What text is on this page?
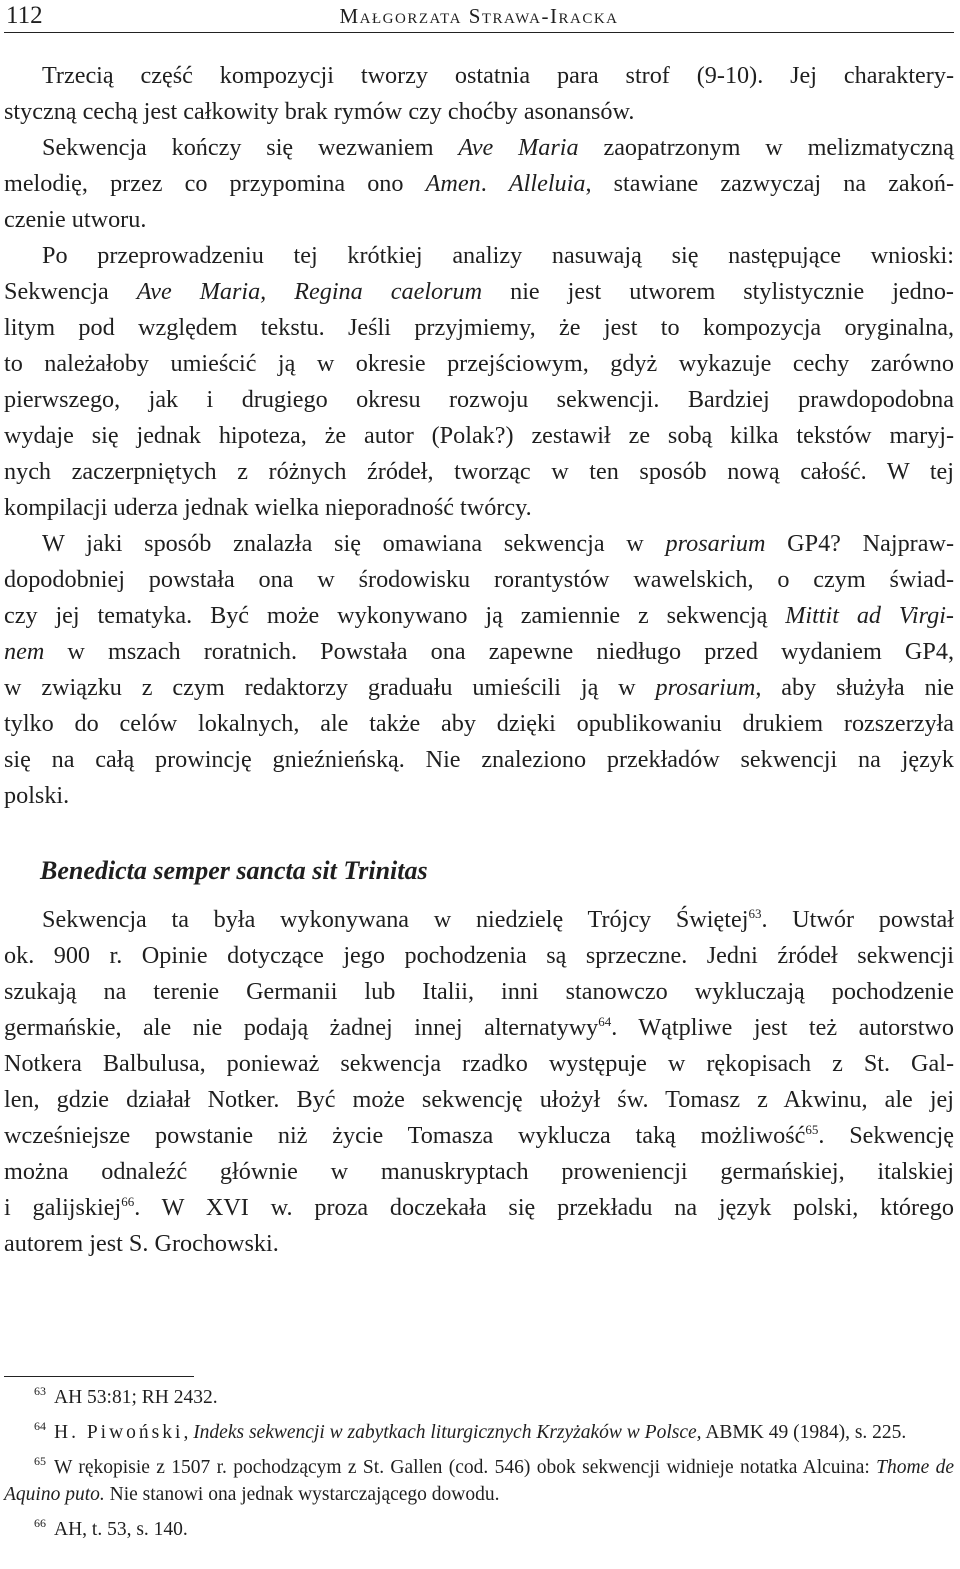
112	Małgorzata Strawa-Iracka

Trzecią część kompozycji tworzy ostatnia para strof (9-10). Jej charaktery-

styczną cechą jest całkowity brak rymów czy choćby asonansów.

Sekwencja kończy się wezwaniem Ave Maria zaopatrzonym w melizmatyczną

melodię, przez co przypomina ono Amen. Alleluia, stawiane zazwyczaj na zakoń-

czenie utworu.

Po przeprowadzeniu tej krótkiej analizy nasuwają się następujące wnioski:

Sekwencja Ave Maria, Regina caelorum nie jest utworem stylistycznie jedno-

litym pod względem tekstu. Jeśli przyjmiemy, że jest to kompozycja oryginalna,

to należałoby umieścić ją w okresie przejściowym, gdyż wykazuje cechy zarówno

pierwszego, jak i drugiego okresu rozwoju sekwencji. Bardziej prawdopodobna

wydaje się jednak hipoteza, że autor (Polak?) zestawił ze sobą kilka tekstów maryj-

nych zaczerpniętych z różnych źródeł, tworząc w ten sposób nową całość. W tej

kompilacji uderza jednak wielka nieporadność twórcy.

W jaki sposób znalazła się omawiana sekwencja w prosarium GP4? Najpraw-

dopodobniej powstała ona w środowisku rorantystów wawelskich, o czym świad-

czy jej tematyka. Być może wykonywano ją zamiennie z sekwencją Mittit ad Virgi-

nem w mszach roratnich. Powstała ona zapewne niedługo przed wydaniem GP4,

w związku z czym redaktorzy graduału umieścili ją w prosarium, aby służyła nie

tylko do celów lokalnych, ale także aby dzięki opublikowaniu drukiem rozszerzyła

się na całą prowincję gnieźnieńską. Nie znaleziono przekładów sekwencji na język

polski.

Benedicta semper sancta sit Trinitas

Sekwencja ta była wykonywana w niedzielę Trójcy Świętej$^{63}$. Utwór powstał

ok. 900 r. Opinie dotyczące jego pochodzenia są sprzeczne. Jedni źródeł sekwencji

szukają na terenie Germanii lub Italii, inni stanowczo wykluczają pochodzenie

germańskie, ale nie podają żadnej innej alternatywy$^{64}$. Wątpliwe jest też autorstwo

Notkera Balbulusa, ponieważ sekwencja rzadko występuje w rękopisach z St. Gal-

len, gdzie działał Notker. Być może sekwencję ułożył św. Tomasz z Akwinu, ale jej

wcześniejsze powstanie niż życie Tomasza wyklucza taką możliwość$^{65}$. Sekwencję

można odnaleźć głównie w manuskryptach proweniencji germańskiej, italskiej

i galijskiej$^{66}$. W XVI w. proza doczekała się przekładu na język polski, którego

autorem jest S. Grochowski.

$^{63}$ AH 53:81; RH 2432.

$^{64}$ H. Piwoński, Indeks sekwencji w zabytkach liturgicznych Krzyżaków w Polsce, ABMK 49 (1984), s. 225.

$^{65}$ W rękopisie z 1507 r. pochodzącym z St. Gallen (cod. 546) obok sekwencji widnieje notatka Alcuina: Thome de Aquino puto. Nie stanowi ona jednak wystarczającego dowodu.

$^{66}$ AH, t. 53, s. 140.
